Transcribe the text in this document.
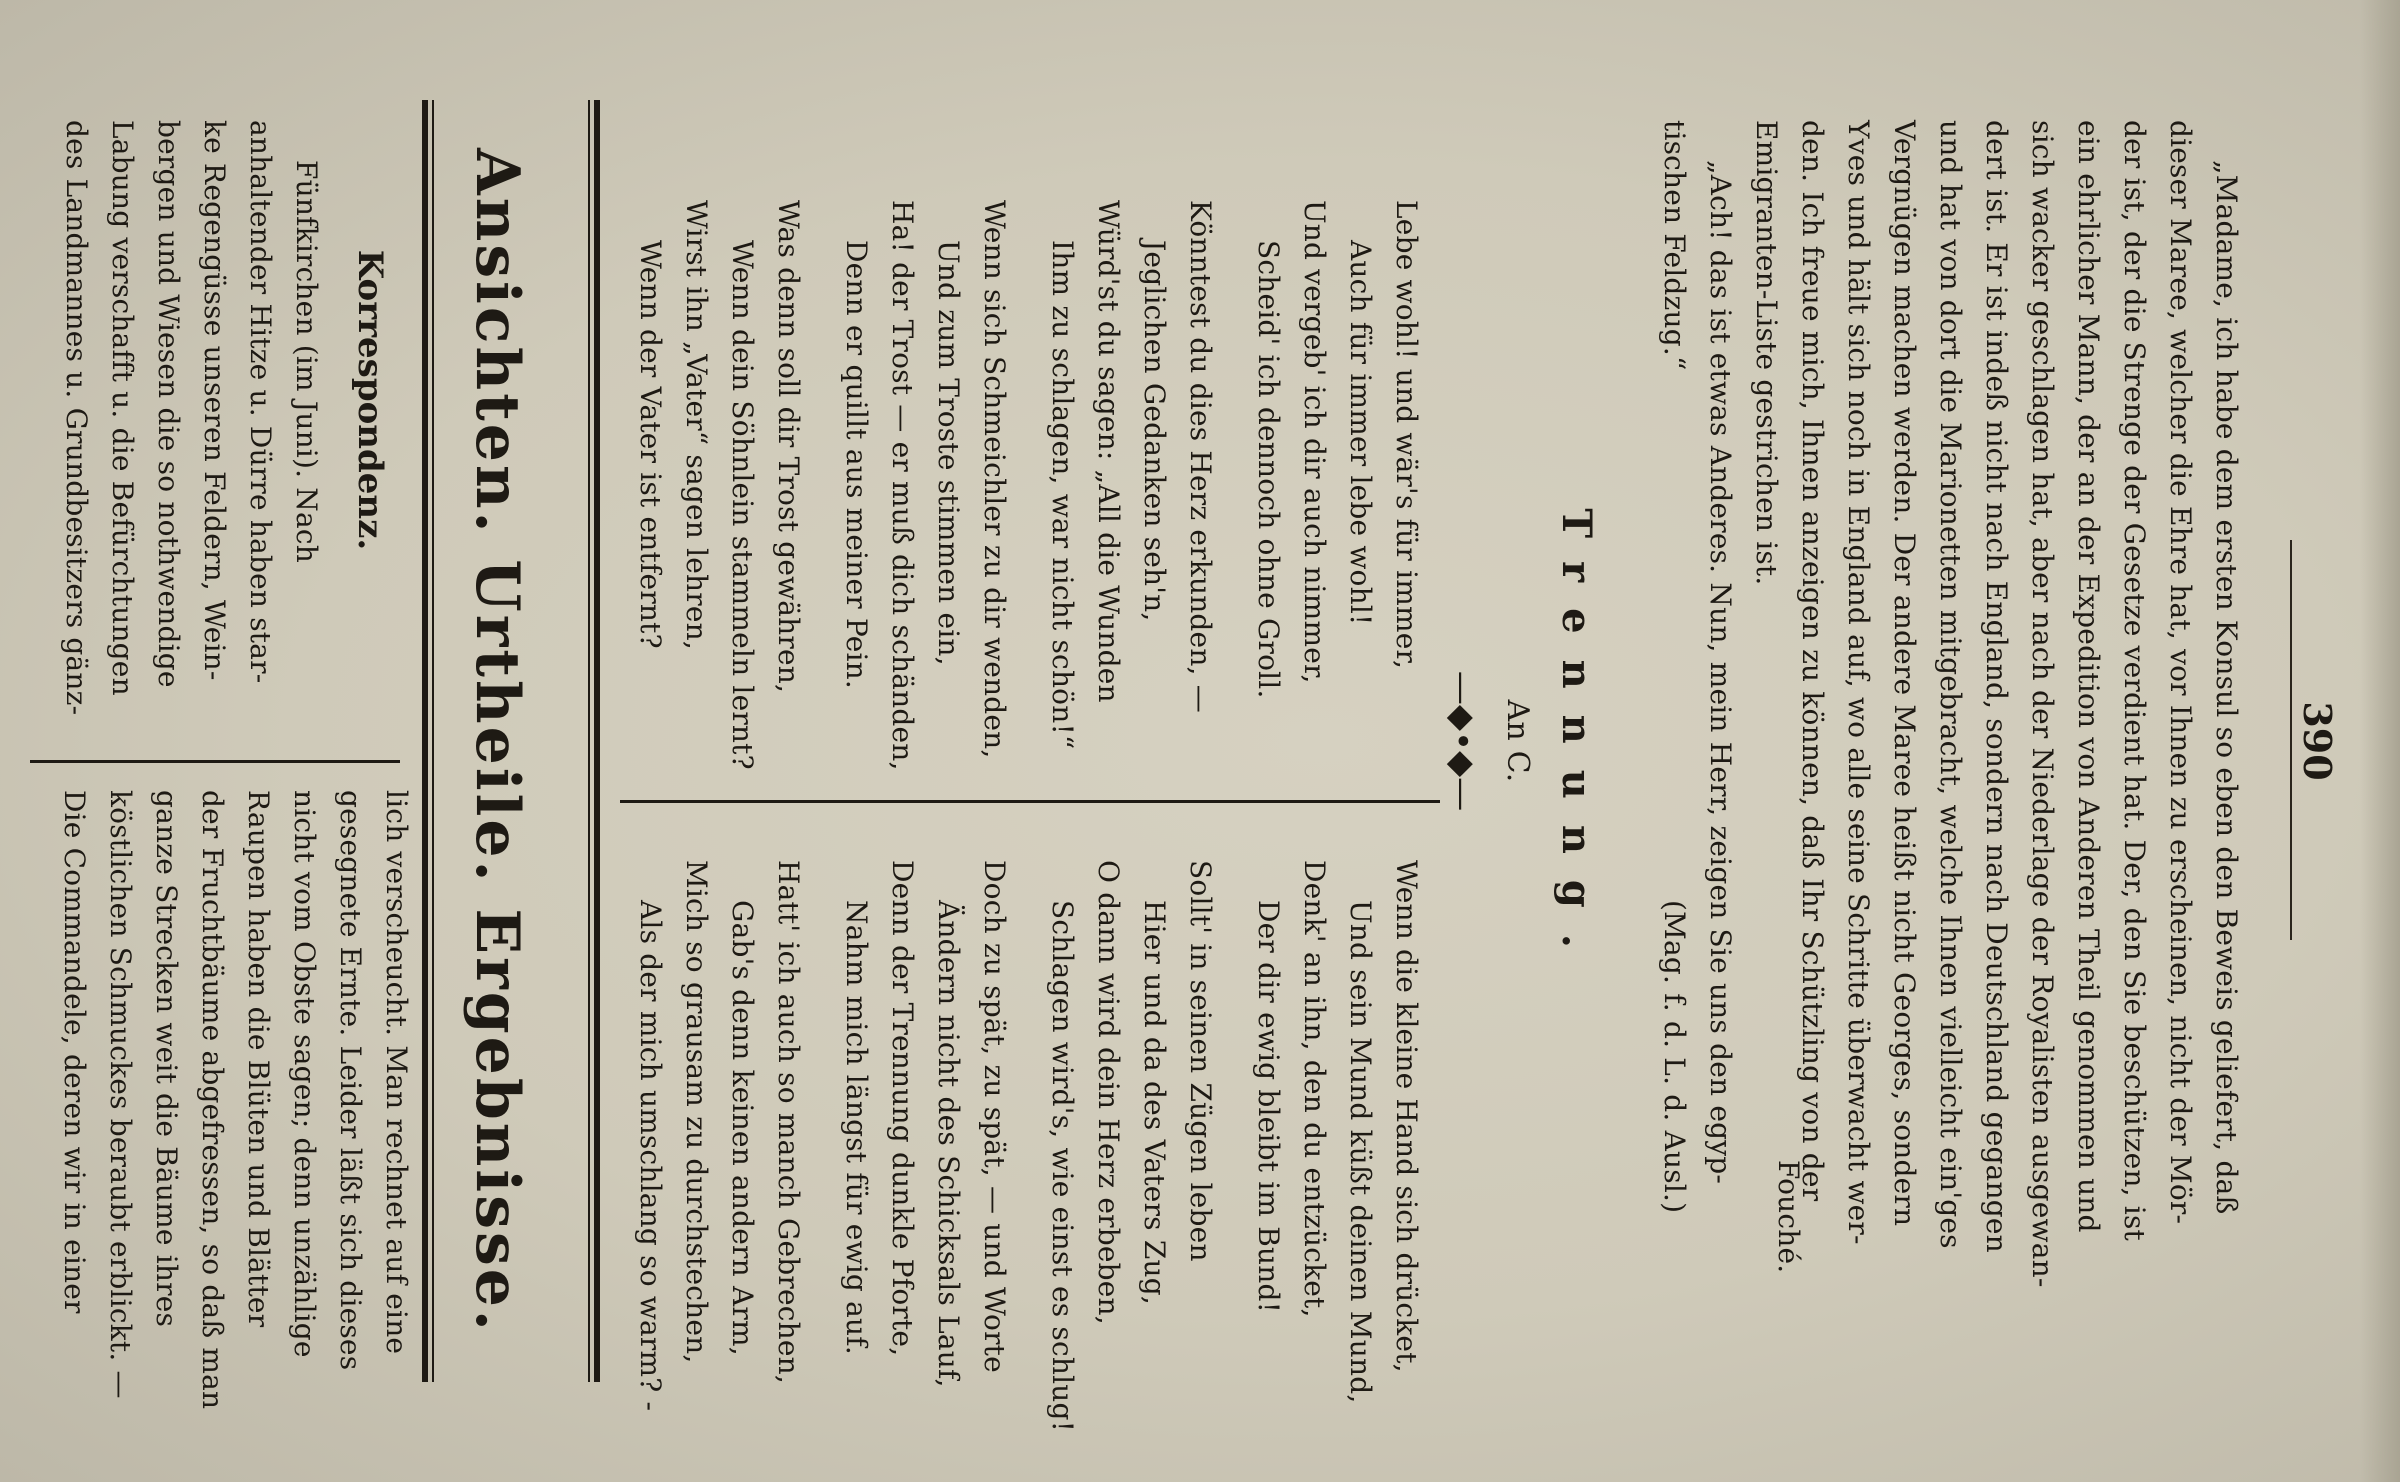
390
„Madame, ich habe dem ersten Konsul so eben den Beweis geliefert, daß
dieser Maree, welcher die Ehre hat, vor Ihnen zu erscheinen, nicht der Mör-
der ist, der die Strenge der Gesetze verdient hat. Der, den Sie beschützen, ist
ein ehrlicher Mann, der an der Expedition von Anderen Theil genommen und
sich wacker geschlagen hat, aber nach der Niederlage der Royalisten ausgewan-
dert ist. Er ist indeß nicht nach England, sondern nach Deutschland gegangen
und hat von dort die Marionetten mitgebracht, welche Ihnen vielleicht ein'ges
Vergnügen machen werden. Der andere Maree heißt nicht Georges, sondern
Yves und hält sich noch in England auf, wo alle seine Schritte überwacht wer-
den. Ich freue mich, Ihnen anzeigen zu können, daß Ihr Schützling von der
Emigranten-Liste gestrichen ist.
Fouché.
„Ach! das ist etwas Anderes. Nun, mein Herr, zeigen Sie uns den egyp-
tischen Feldzug.“
(Mag. f. d. L. d. Ausl.)
Trennung.
An C.
—◆•◆—
Lebe wohl! und wär's für immer,
Auch für immer lebe wohl!
Und vergeb' ich dir auch nimmer,
Scheid' ich dennoch ohne Groll.
Könntest du dies Herz erkunden, —
Jeglichen Gedanken seh'n,
Würd'st du sagen: „All die Wunden
Ihm zu schlagen, war nicht schön!“
Wenn sich Schmeichler zu dir wenden,
Und zum Troste stimmen ein,
Ha! der Trost — er muß dich schänden,
Denn er quillt aus meiner Pein.
Was denn soll dir Trost gewähren,
Wenn dein Söhnlein stammeln lernt?
Wirst ihn „Vater“ sagen lehren,
Wenn der Vater ist entfernt?
Wenn die kleine Hand sich drücket,
Und sein Mund küßt deinen Mund,
Denk' an ihn, den du entzücket,
Der dir ewig bleibt im Bund!
Sollt' in seinen Zügen leben
Hier und da des Vaters Zug,
O dann wird dein Herz erbeben,
Schlagen wird's, wie einst es schlug!
Doch zu spät, zu spät, — und Worte
Ändern nicht des Schicksals Lauf,
Denn der Trennung dunkle Pforte,
Nahm mich längst für ewig auf.
Hatt' ich auch so manch Gebrechen,
Gab's denn keinen andern Arm,
Mich so grausam zu durchstechen,
Als der mich umschlang so warm? -
Ansichten. Urtheile. Ergebnisse.
Korrespondenz.
Fünfkirchen (im Juni). Nach
anhaltender Hitze u. Dürre haben star-
ke Regengüsse unseren Feldern, Wein-
bergen und Wiesen die so nothwendige
Labung verschafft u. die Befürchtungen
des Landmannes u. Grundbesitzers gänz-
lich verscheucht. Man rechnet auf eine
gesegnete Ernte. Leider läßt sich dieses
nicht vom Obste sagen; denn unzählige
Raupen haben die Blüten und Blätter
der Fruchtbäume abgefressen, so daß man
ganze Strecken weit die Bäume ihres
köstlichen Schmuckes beraubt erblickt. —
Die Commandele, deren wir in einer
